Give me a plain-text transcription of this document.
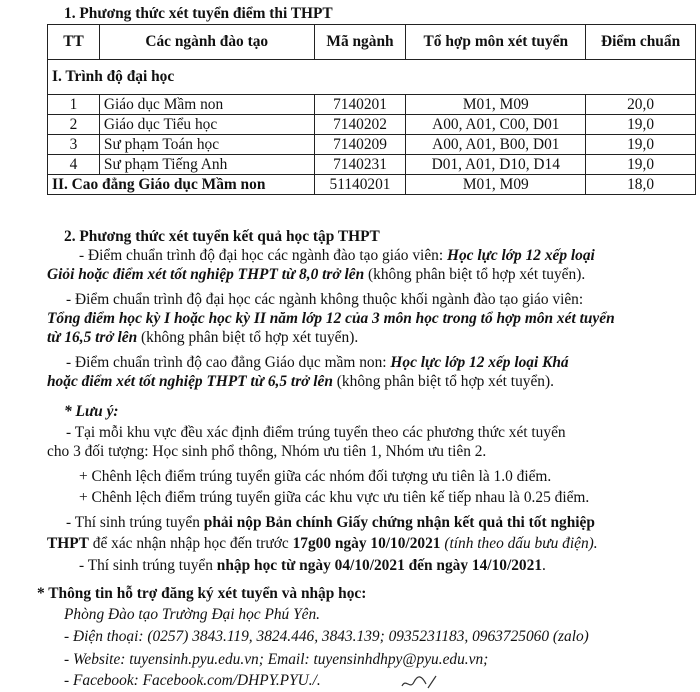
1. Phương thức xét tuyển điểm thi THPT
TT	Các ngành đào tạo	Mã ngành	Tổ hợp môn xét tuyển	Điểm chuẩn
I. Trình độ đại học				
1	Giáo dục Mầm non	7140201	M01, M09	20,0
2	Giáo dục Tiểu học	7140202	A00, A01, C00, D01	19,0
3	Sư phạm Toán học	7140209	A00, A01, B00, D01	19,0
4	Sư phạm Tiếng Anh	7140231	D01, A01, D10, D14	19,0
II. Cao đẳng Giáo dục Mầm non		51140201	M01, M09	18,0
2. Phương thức xét tuyển kết quả học tập THPT
- Điểm chuẩn trình độ đại học các ngành đào tạo giáo viên: Học lực lớp 12 xếp loại
Giỏi hoặc điểm xét tốt nghiệp THPT từ 8,0 trở lên (không phân biệt tổ hợp xét tuyển).
- Điểm chuẩn trình độ đại học các ngành không thuộc khối ngành đào tạo giáo viên:
Tổng điểm học kỳ I hoặc học kỳ II năm lớp 12 của 3 môn học trong tổ hợp môn xét tuyển
từ 16,5 trở lên (không phân biệt tổ hợp xét tuyển).
- Điểm chuẩn trình độ cao đẳng Giáo dục mầm non: Học lực lớp 12 xếp loại Khá
hoặc điểm xét tốt nghiệp THPT từ 6,5 trở lên (không phân biệt tổ hợp xét tuyển).
* Lưu ý:
- Tại mỗi khu vực đều xác định điểm trúng tuyển theo các phương thức xét tuyển
cho 3 đối tượng: Học sinh phổ thông, Nhóm ưu tiên 1, Nhóm ưu tiên 2.
+ Chênh lệch điểm trúng tuyển giữa các nhóm đối tượng ưu tiên là 1.0 điểm.
+ Chênh lệch điểm trúng tuyển giữa các khu vực ưu tiên kế tiếp nhau là 0.25 điểm.
- Thí sinh trúng tuyển phải nộp Bản chính Giấy chứng nhận kết quả thi tốt nghiệp
THPT để xác nhận nhập học đến trước 17g00 ngày 10/10/2021 (tính theo dấu bưu điện).
- Thí sinh trúng tuyển nhập học từ ngày 04/10/2021 đến ngày 14/10/2021.
* Thông tin hỗ trợ đăng ký xét tuyển và nhập học:
Phòng Đào tạo Trường Đại học Phú Yên.
- Điện thoại: (0257) 3843.119, 3824.446, 3843.139; 0935231183, 0963725060 (zalo)
- Website: tuyensinh.pyu.edu.vn; Email: tuyensinhdhpy@pyu.edu.vn;
- Facebook: Facebook.com/DHPY.PYU./.
